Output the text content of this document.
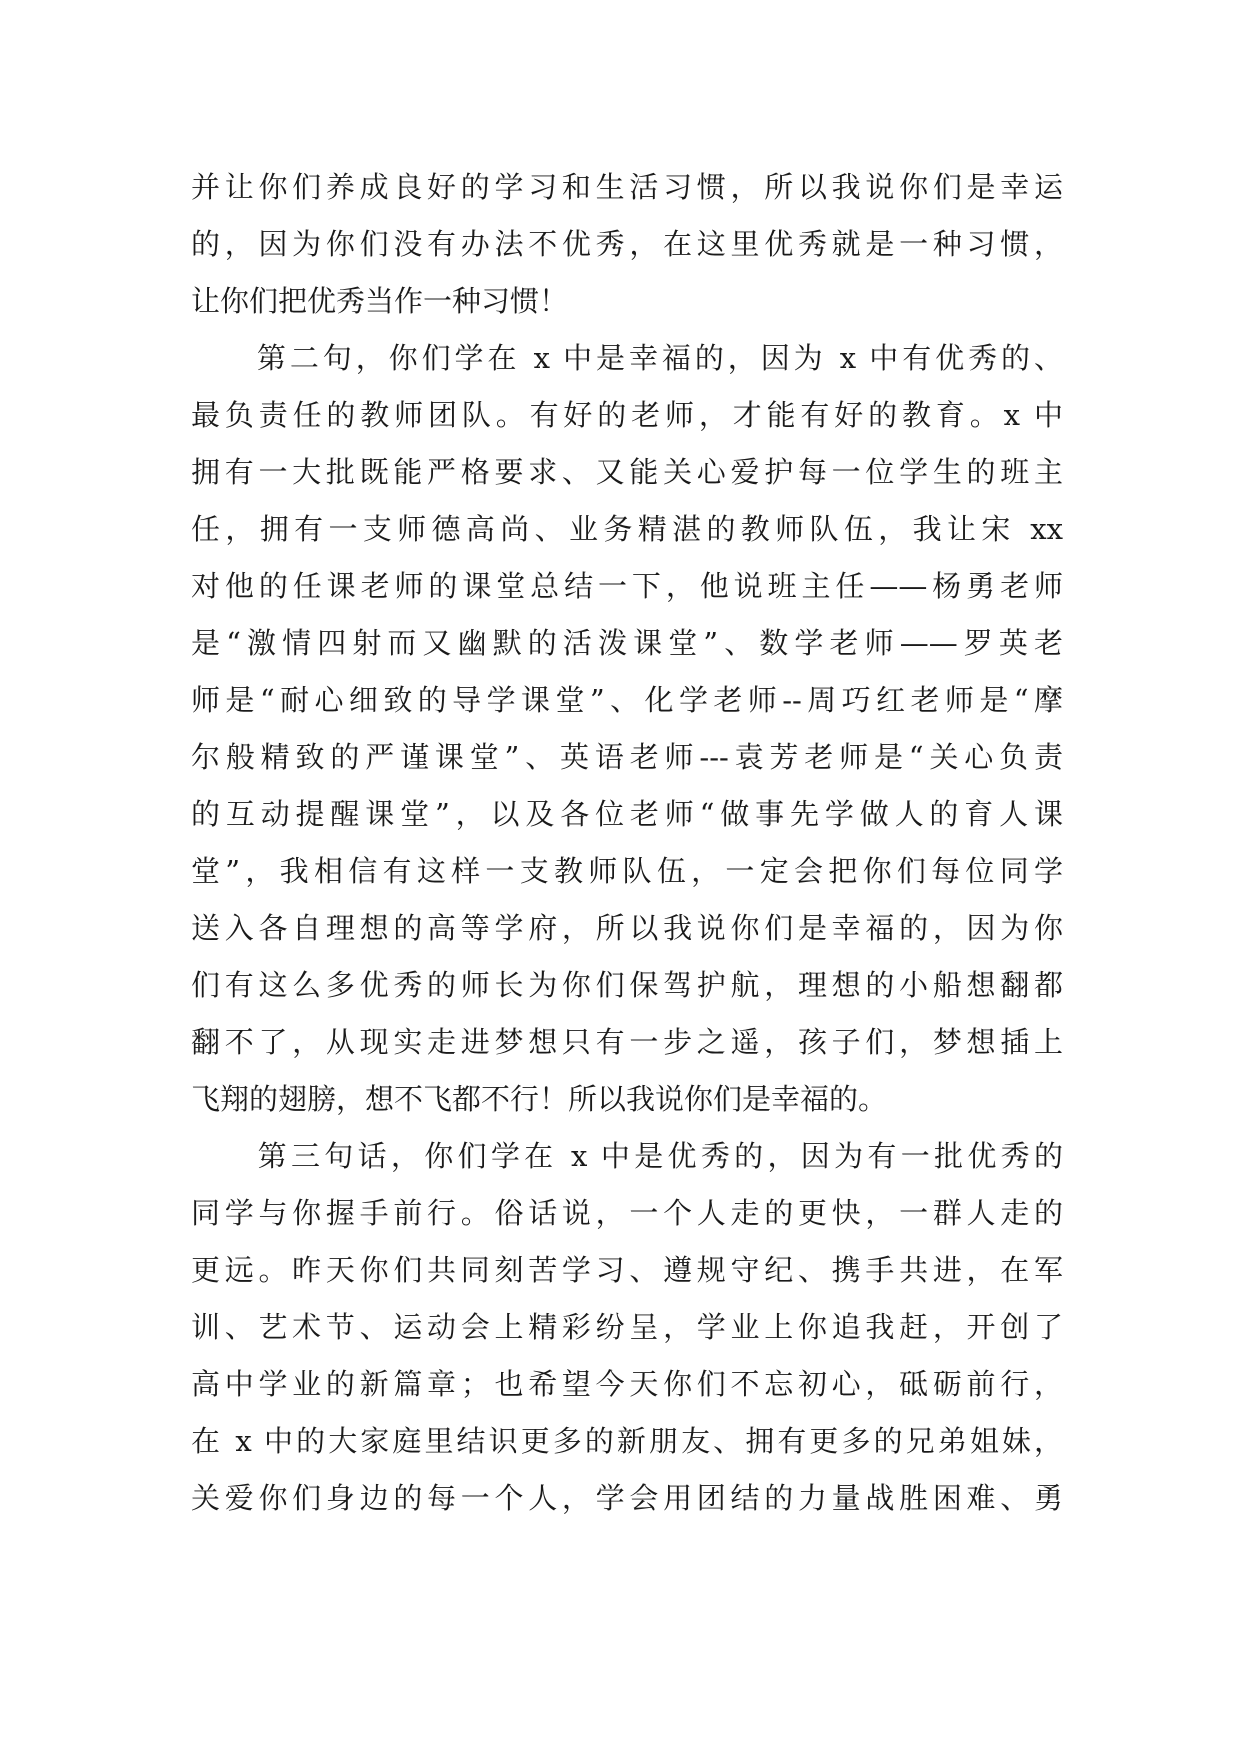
并让你们养成良好的学习和生活习惯，所以我说你们是幸运
的，因为你们没有办法不优秀，在这里优秀就是一种习惯，
让你们把优秀当作一种习惯！
　　第二句，你们学在 x 中是幸福的，因为 x 中有优秀的、
最负责任的教师团队。有好的老师，才能有好的教育。x 中
拥有一大批既能严格要求、又能关心爱护每一位学生的班主
任，拥有一支师德高尚、业务精湛的教师队伍，我让宋 xx
对他的任课老师的课堂总结一下，他说班主任——杨勇老师
是“激情四射而又幽默的活泼课堂”、数学老师——罗英老
师是“耐心细致的导学课堂”、化学老师--周巧红老师是“摩
尔般精致的严谨课堂”、英语老师---袁芳老师是“关心负责
的互动提醒课堂”，以及各位老师“做事先学做人的育人课
堂”，我相信有这样一支教师队伍，一定会把你们每位同学
送入各自理想的高等学府，所以我说你们是幸福的，因为你
们有这么多优秀的师长为你们保驾护航，理想的小船想翻都
翻不了，从现实走进梦想只有一步之遥，孩子们，梦想插上
飞翔的翅膀，想不飞都不行！所以我说你们是幸福的。
　　第三句话，你们学在 x 中是优秀的，因为有一批优秀的
同学与你握手前行。俗话说，一个人走的更快，一群人走的
更远。昨天你们共同刻苦学习、遵规守纪、携手共进，在军
训、艺术节、运动会上精彩纷呈，学业上你追我赶，开创了
高中学业的新篇章；也希望今天你们不忘初心，砥砺前行，
在 x 中的大家庭里结识更多的新朋友、拥有更多的兄弟姐妹，
关爱你们身边的每一个人，学会用团结的力量战胜困难、勇
